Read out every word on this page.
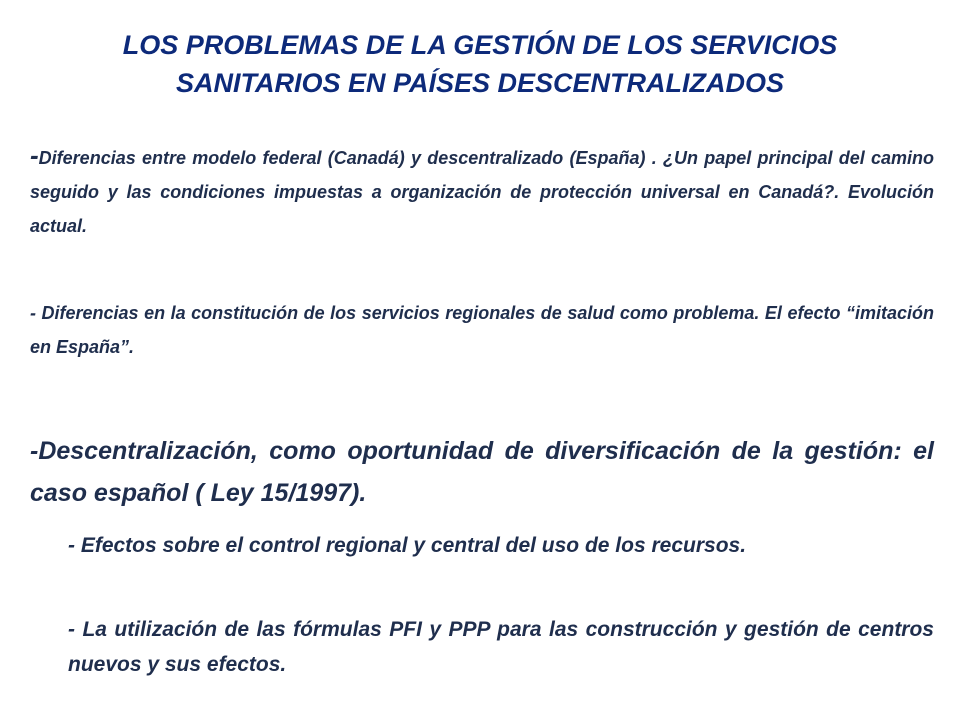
LOS PROBLEMAS DE LA GESTIÓN DE LOS SERVICIOS
SANITARIOS EN PAÍSES DESCENTRALIZADOS
-Diferencias entre modelo federal (Canadá) y descentralizado (España) . ¿Un papel principal del camino seguido y las condiciones impuestas a organización de protección universal en Canadá?. Evolución actual.
- Diferencias en la constitución de los servicios regionales de salud como problema. El efecto “imitación en España”.
-Descentralización, como oportunidad de diversificación de la gestión: el caso español ( Ley 15/1997).
- Efectos sobre el control regional y central del uso de los recursos.
- La utilización de las fórmulas PFI y PPP para las construcción y gestión de centros nuevos y sus efectos.
